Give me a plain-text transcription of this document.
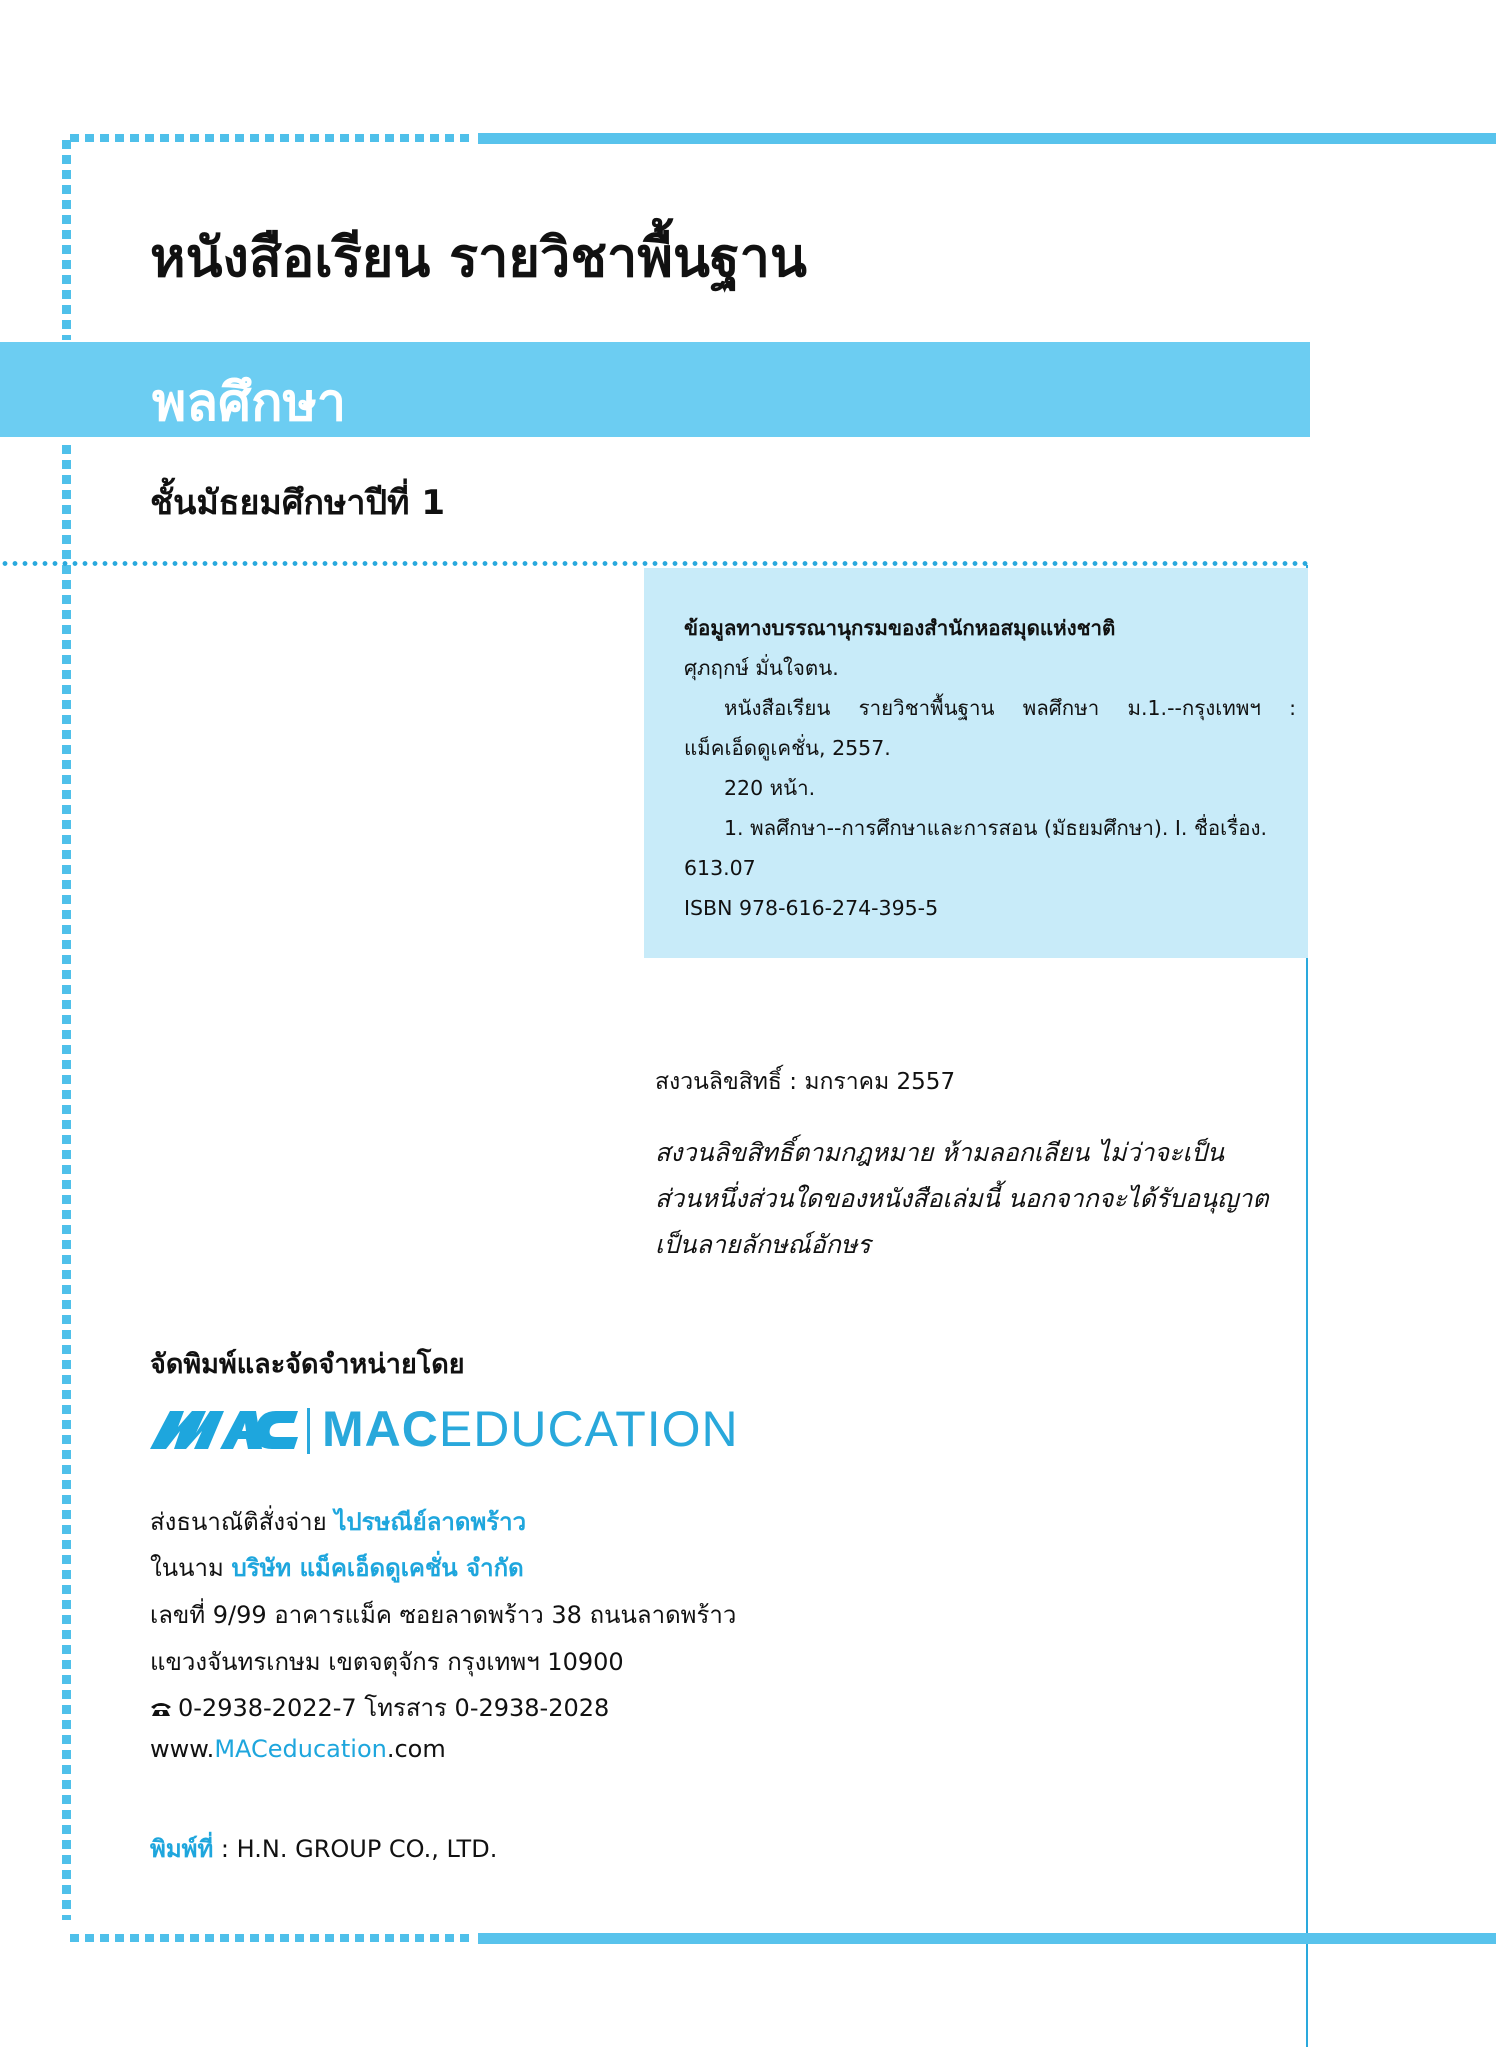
หนังสือเรียน รายวิชาพื้นฐาน
พลศึกษา
ชั้นมัธยมศึกษาปีที่ 1
ข้อมูลทางบรรณานุกรมของสำนักหอสมุดแห่งชาติ
ศุภฤกษ์ มั่นใจตน.
หนังสือเรียน รายวิชาพื้นฐาน พลศึกษา ม.1.--กรุงเทพฯ :
แม็คเอ็ดดูเคชั่น, 2557.
220 หน้า.
1. พลศึกษา--การศึกษาและการสอน (มัธยมศึกษา). I. ชื่อเรื่อง.
613.07
ISBN 978-616-274-395-5
สงวนลิขสิทธิ์ : มกราคม 2557
สงวนลิขสิทธิ์ตามกฎหมาย ห้ามลอกเลียน ไม่ว่าจะเป็น
ส่วนหนึ่งส่วนใดของหนังสือเล่มนี้ นอกจากจะได้รับอนุญาต
เป็นลายลักษณ์อักษร
จัดพิมพ์และจัดจำหน่ายโดย
MACEDUCATION
ส่งธนาณัติสั่งจ่าย ไปรษณีย์ลาดพร้าว
ในนาม บริษัท แม็คเอ็ดดูเคชั่น จำกัด
เลขที่ 9/99 อาคารแม็ค ซอยลาดพร้าว 38 ถนนลาดพร้าว
แขวงจันทรเกษม เขตจตุจักร กรุงเทพฯ 10900
0-2938-2022-7 โทรสาร 0-2938-2028
www.MACeducation.com
พิมพ์ที่ : H.N. GROUP CO., LTD.
